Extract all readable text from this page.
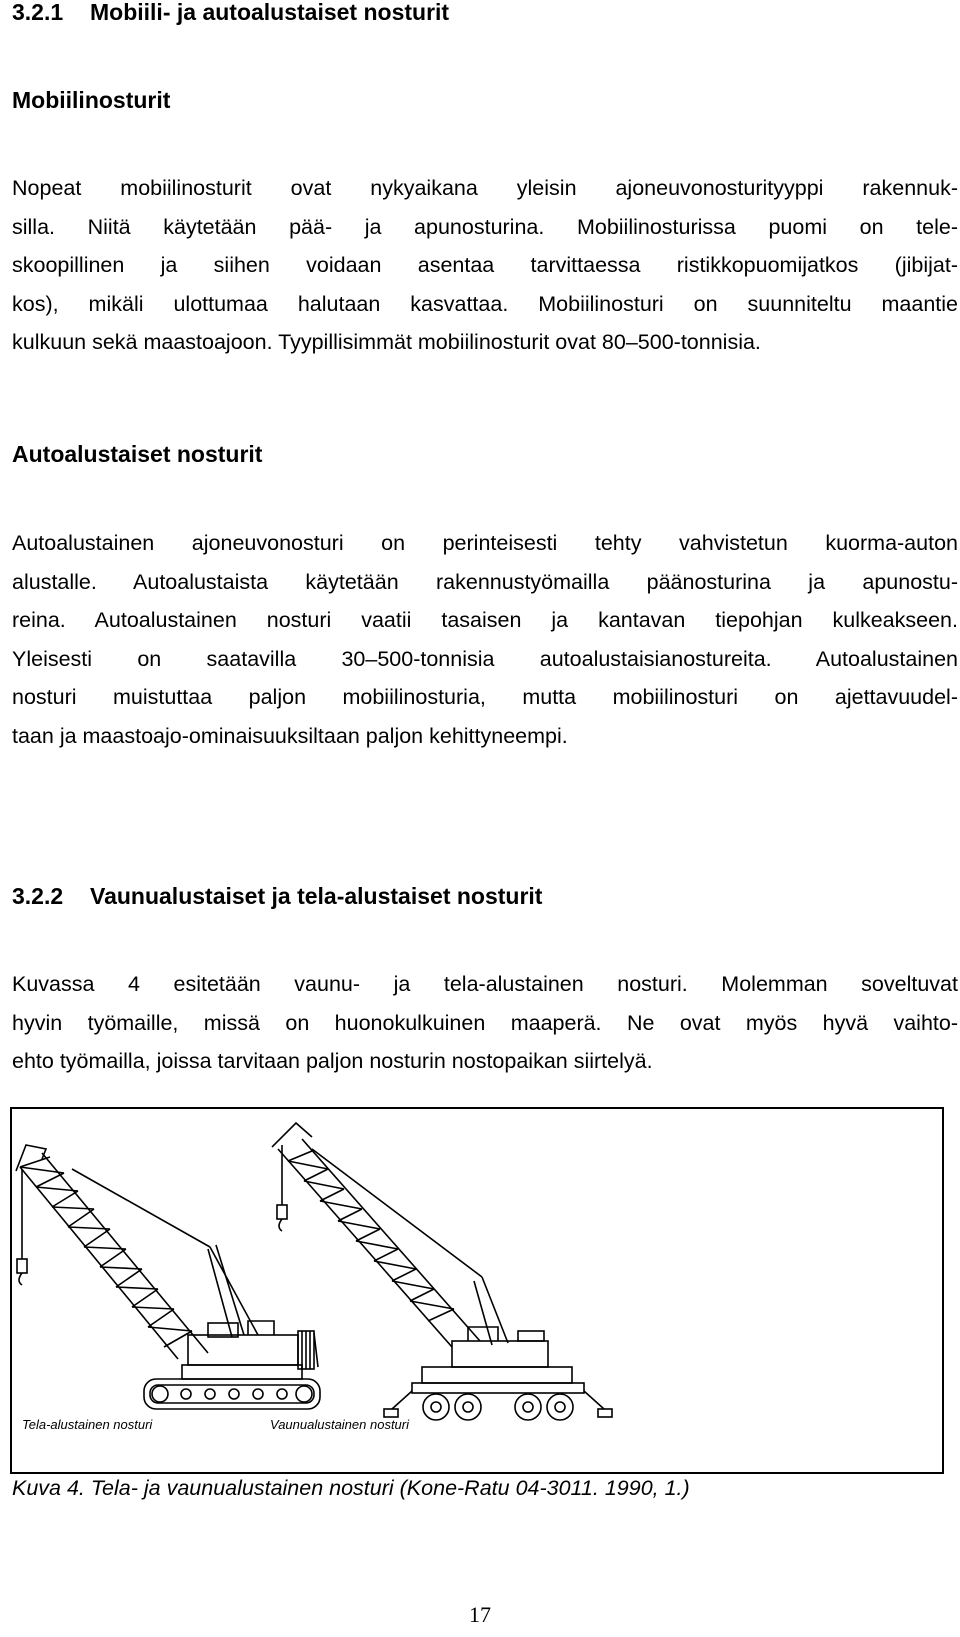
3.2.1 Mobiili- ja autoalustaiset nosturit
Mobiilinosturit
Nopeat mobiilinosturit ovat nykyaikana yleisin ajoneuvonosturityyppi rakennuk-
silla. Niitä käytetään pää- ja apunosturina. Mobiilinosturissa puomi on tele-
skoopillinen ja siihen voidaan asentaa tarvittaessa ristikkopuomijatkos (jibijat-
kos), mikäli ulottumaa halutaan kasvattaa. Mobiilinosturi on suunniteltu maantie
kulkuun sekä maastoajoon. Tyypillisimmät mobiilinosturit ovat 80–500-tonnisia.
Autoalustaiset nosturit
Autoalustainen ajoneuvonosturi on perinteisesti tehty vahvistetun kuorma-auton
alustalle. Autoalustaista käytetään rakennustyömailla päänosturina ja apunostu-
reina. Autoalustainen nosturi vaatii tasaisen ja kantavan tiepohjan kulkeakseen.
Yleisesti on saatavilla 30–500-tonnisia autoalustaisianostureita. Autoalustainen
nosturi muistuttaa paljon mobiilinosturia, mutta mobiilinosturi on ajettavuudel-
taan ja maastoajo-ominaisuuksiltaan paljon kehittyneempi.
3.2.2 Vaunualustaiset ja tela-alustaiset nosturit
Kuvassa 4 esitetään vaunu- ja tela-alustainen nosturi. Molemman soveltuvat
hyvin työmaille, missä on huonokulkuinen maaperä. Ne ovat myös hyvä vaihto-
ehto työmailla, joissa tarvitaan paljon nosturin nostopaikan siirtelyä.
Tela-alustainen nosturi	Vaunualustainen nosturi
Kuva 4. Tela- ja vaunualustainen nosturi (Kone-Ratu 04-3011. 1990, 1.)
17
